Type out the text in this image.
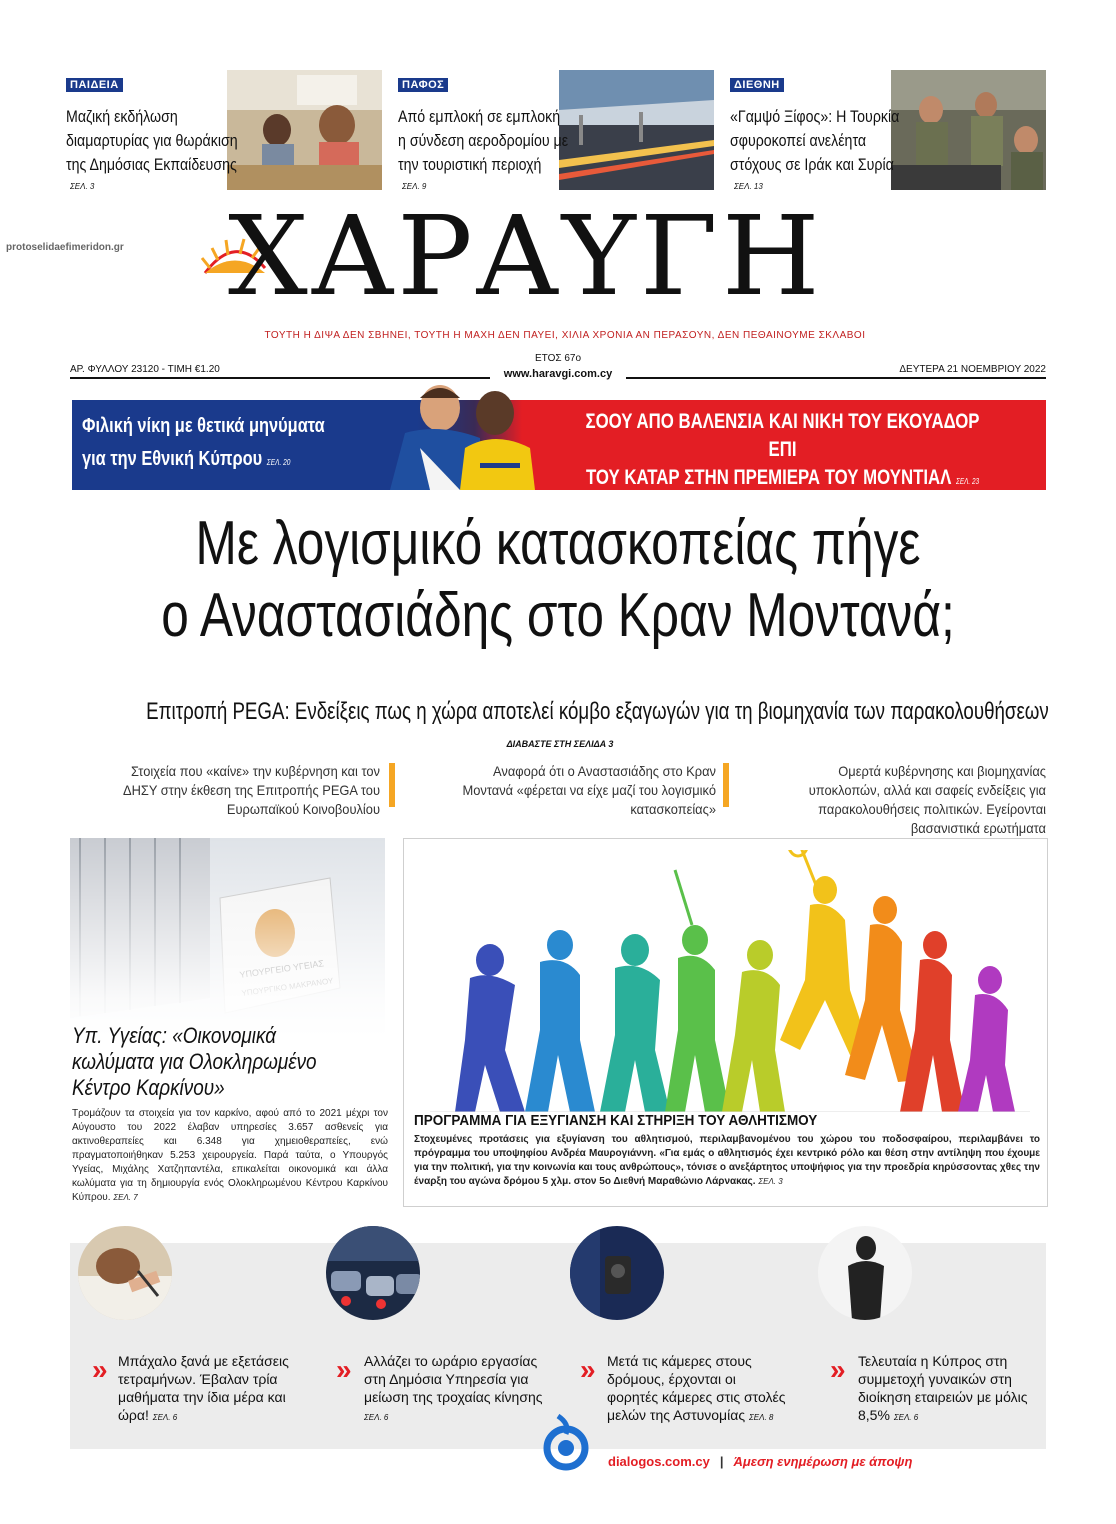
ΠΑΙΔΕΙΑ
Μαζική εκδήλωση διαμαρτυρίας για θωράκιση της Δημόσιας Εκπαίδευσης
ΣΕΛ. 3
ΠΑΦΟΣ
Από εμπλοκή σε εμπλοκή η σύνδεση αεροδρομίου με την τουριστική περιοχή
ΣΕΛ. 9
ΔΙΕΘΝΗ
«Γαμψό Ξίφος»: Η Τουρκία σφυροκοπεί ανελέητα στόχους σε Ιράκ και Συρία
ΣΕΛ. 13
protoselidaefimeridon.gr ΧΑΡΑΥΓΗ
ΤΟΥΤΗ Η ΔΙΨΑ ΔΕΝ ΣΒΗΝΕΙ, ΤΟΥΤΗ Η ΜΑΧΗ ΔΕΝ ΠΑΥΕΙ, ΧΙΛΙΑ ΧΡΟΝΙΑ ΑΝ ΠΕΡΑΣΟΥΝ, ΔΕΝ ΠΕΘΑΙΝΟΥΜΕ ΣΚΛΑΒΟΙ
ΑΡ. ΦΥΛΛΟΥ 23120 - ΤΙΜΗ €1.20
ΕΤΟΣ 67ο
www.haravgi.com.cy	ΔΕΥΤΕΡΑ 21 ΝΟΕΜΒΡΙΟΥ 2022
Φιλική νίκη με θετικά μηνύματα
για την Εθνική Κύπρου ΣΕΛ. 20
ΣΟΟΥ ΑΠΟ ΒΑΛΕΝΣΙΑ ΚΑΙ ΝΙΚΗ ΤΟΥ ΕΚΟΥΑΔΟΡ ΕΠΙ
ΤΟΥ ΚΑΤΑΡ ΣΤΗΝ ΠΡΕΜΙΕΡΑ ΤΟΥ ΜΟΥΝΤΙΑΛ ΣΕΛ. 23
Με λογισμικό κατασκοπείας πήγε
ο Αναστασιάδης στο Κραν Μοντανά;
Επιτροπή PEGA: Ενδείξεις πως η χώρα αποτελεί κόμβο εξαγωγών για τη βιομηχανία των παρακολουθήσεων
ΔΙΑΒΑΣΤΕ ΣΤΗ ΣΕΛΙΔΑ 3
Στοιχεία που «καίνε» την κυβέρνηση και τον ΔΗΣΥ στην έκθεση της Επιτροπής PEGA του Ευρωπαϊκού Κοινοβουλίου
Αναφορά ότι ο Αναστασιάδης στο Κραν Μοντανά «φέρεται να είχε μαζί του λογισμικό κατασκοπείας»
Ομερτά κυβέρνησης και βιομηχανίας υποκλοπών, αλλά και σαφείς ενδείξεις για παρακολουθήσεις πολιτικών. Εγείρονται βασανιστικά ερωτήματα
Υπ. Υγείας: «Οικονομικά κωλύματα για Ολοκληρωμένο Κέντρο Καρκίνου»
Τρομάζουν τα στοιχεία για τον καρκίνο, αφού από το 2021 μέχρι τον Αύγουστο του 2022 έλαβαν υπηρεσίες 3.657 ασθενείς για ακτινοθεραπείες και 6.348 για χημειοθεραπείες, ενώ πραγματοποιήθηκαν 5.253 χειρουργεία. Παρά ταύτα, ο Υπουργός Υγείας, Μιχάλης Χατζηπαντέλα, επικαλείται οικονομικά και άλλα κωλύματα για τη δημιουργία ενός Ολοκληρωμένου Κέντρου Καρκίνου Κύπρου. ΣΕΛ. 7
ΠΡΟΓΡΑΜΜΑ ΓΙΑ ΕΞΥΓΙΑΝΣΗ ΚΑΙ ΣΤΗΡΙΞΗ ΤΟΥ ΑΘΛΗΤΙΣΜΟΥ
Στοχευμένες προτάσεις για εξυγίανση του αθλητισμού, περιλαμβανομένου του χώρου του ποδοσφαίρου, περιλαμβάνει το πρόγραμμα του υποψηφίου Ανδρέα Μαυρογιάννη. «Για εμάς ο αθλητισμός έχει κεντρικό ρόλο και θέση στην αντίληψη που έχουμε για την πολιτική, για την κοινωνία και τους ανθρώπους», τόνισε ο ανεξάρτητος υποψήφιος για την προεδρία κηρύσσοντας χθες την έναρξη του αγώνα δρόμου 5 χλμ. στον 5ο Διεθνή Μαραθώνιο Λάρνακας. ΣΕΛ. 3
» Μπάχαλο ξανά με εξετάσεις τετραμήνων. Έβαλαν τρία μαθήματα την ίδια μέρα και ώρα! ΣΕΛ. 6
» Αλλάζει το ωράριο εργασίας στη Δημόσια Υπηρεσία για μείωση της τροχαίας κίνησης ΣΕΛ. 6
» Μετά τις κάμερες στους δρόμους, έρχονται οι φορητές κάμερες στις στολές μελών της Αστυνομίας ΣΕΛ. 8
» Τελευταία η Κύπρος στη συμμετοχή γυναικών στη διοίκηση εταιρειών με μόλις 8,5% ΣΕΛ. 6
dialogos.com.cy | Άμεση ενημέρωση με άποψη
